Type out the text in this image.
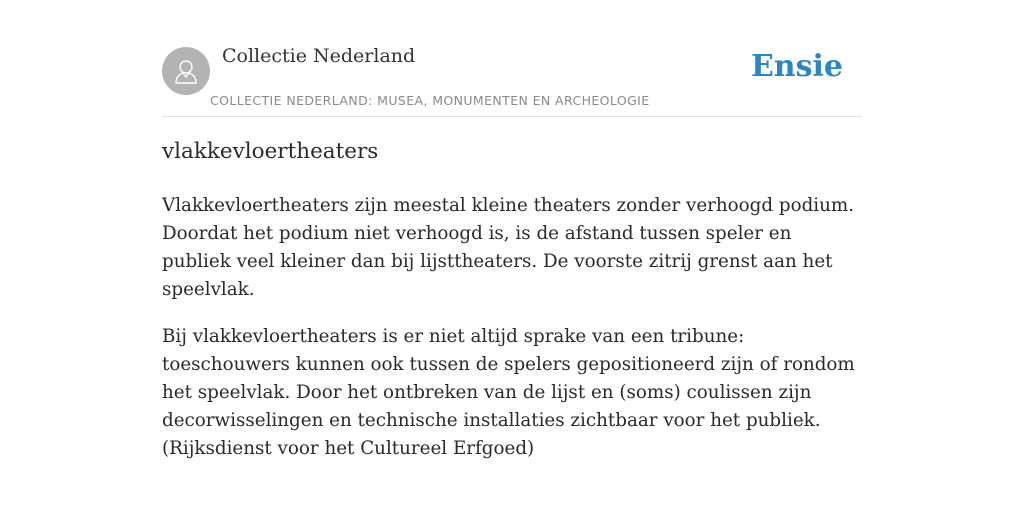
Collectie Nederland
COLLECTIE NEDERLAND: MUSEA, MONUMENTEN EN ARCHEOLOGIE
Ensie
vlakkevloertheaters

Vlakkevloertheaters zijn meestal kleine theaters zonder verhoogd podium. Doordat het podium niet verhoogd is, is de afstand tussen speler en publiek veel kleiner dan bij lijsttheaters. De voorste zitrij grenst aan het speelvlak.

Bij vlakkevloertheaters is er niet altijd sprake van een tribune: toeschouwers kunnen ook tussen de spelers gepositioneerd zijn of rondom het speelvlak. Door het ontbreken van de lijst en (soms) coulissen zijn decorwisselingen en technische installaties zichtbaar voor het publiek. (Rijksdienst voor het Cultureel Erfgoed)
